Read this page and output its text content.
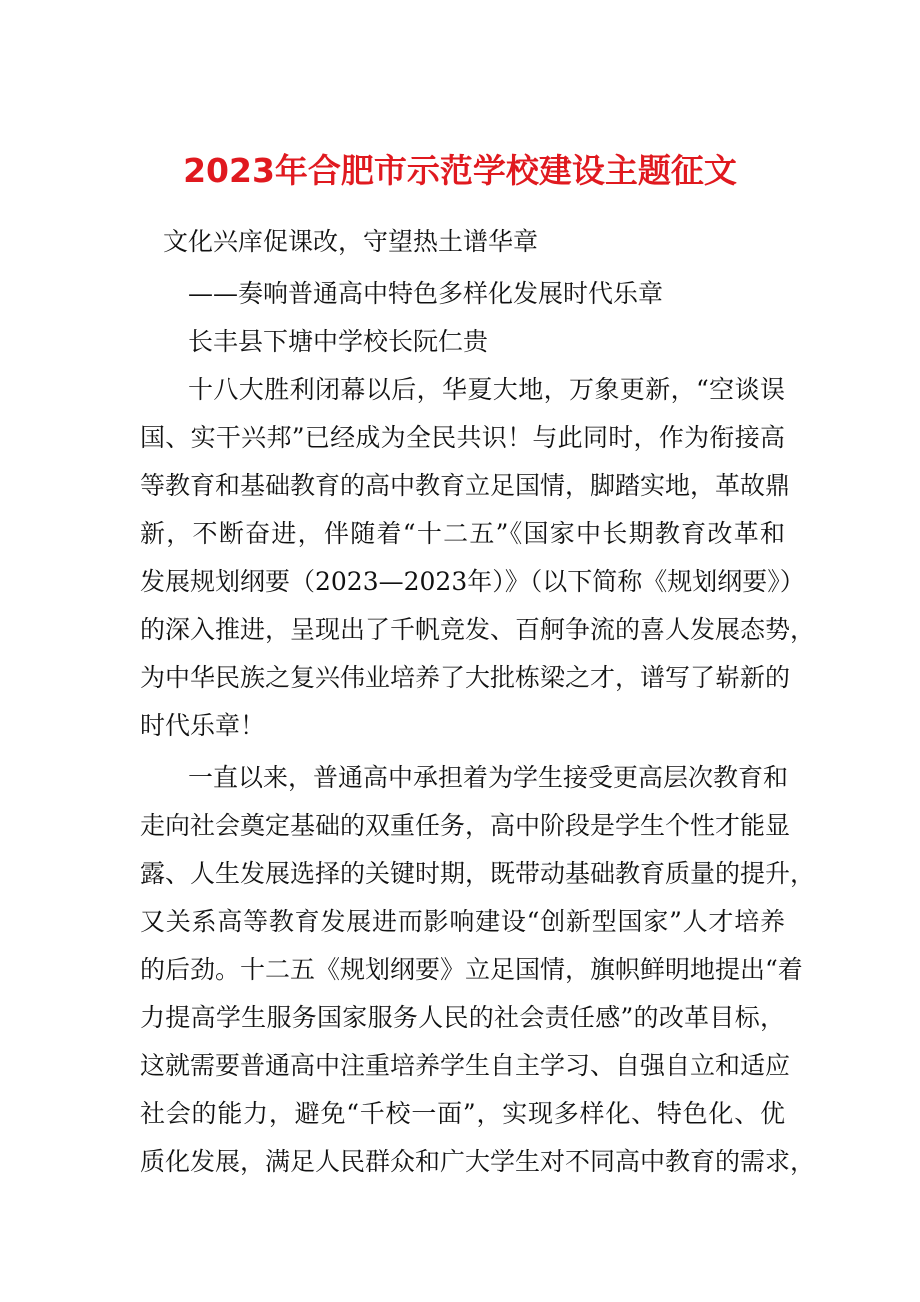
2023年合肥市示范学校建设主题征文
文化兴庠促课改，守望热土谱华章
——奏响普通高中特色多样化发展时代乐章
长丰县下塘中学校长阮仁贵
十八大胜利闭幕以后，华夏大地，万象更新，“空谈误
国、实干兴邦”已经成为全民共识！与此同时，作为衔接高
等教育和基础教育的高中教育立足国情，脚踏实地，革故鼎
新，不断奋进，伴随着“十二五”《国家中长期教育改革和
发展规划纲要（2023—2023年）》（以下简称《规划纲要》）
的深入推进，呈现出了千帆竞发、百舸争流的喜人发展态势，
为中华民族之复兴伟业培养了大批栋梁之才，谱写了崭新的
时代乐章！
一直以来，普通高中承担着为学生接受更高层次教育和
走向社会奠定基础的双重任务，高中阶段是学生个性才能显
露、人生发展选择的关键时期，既带动基础教育质量的提升，
又关系高等教育发展进而影响建设“创新型国家”人才培养
的后劲。十二五《规划纲要》立足国情，旗帜鲜明地提出“着
力提高学生服务国家服务人民的社会责任感”的改革目标，
这就需要普通高中注重培养学生自主学习、自强自立和适应
社会的能力，避免“千校一面”，实现多样化、特色化、优
质化发展，满足人民群众和广大学生对不同高中教育的需求，
